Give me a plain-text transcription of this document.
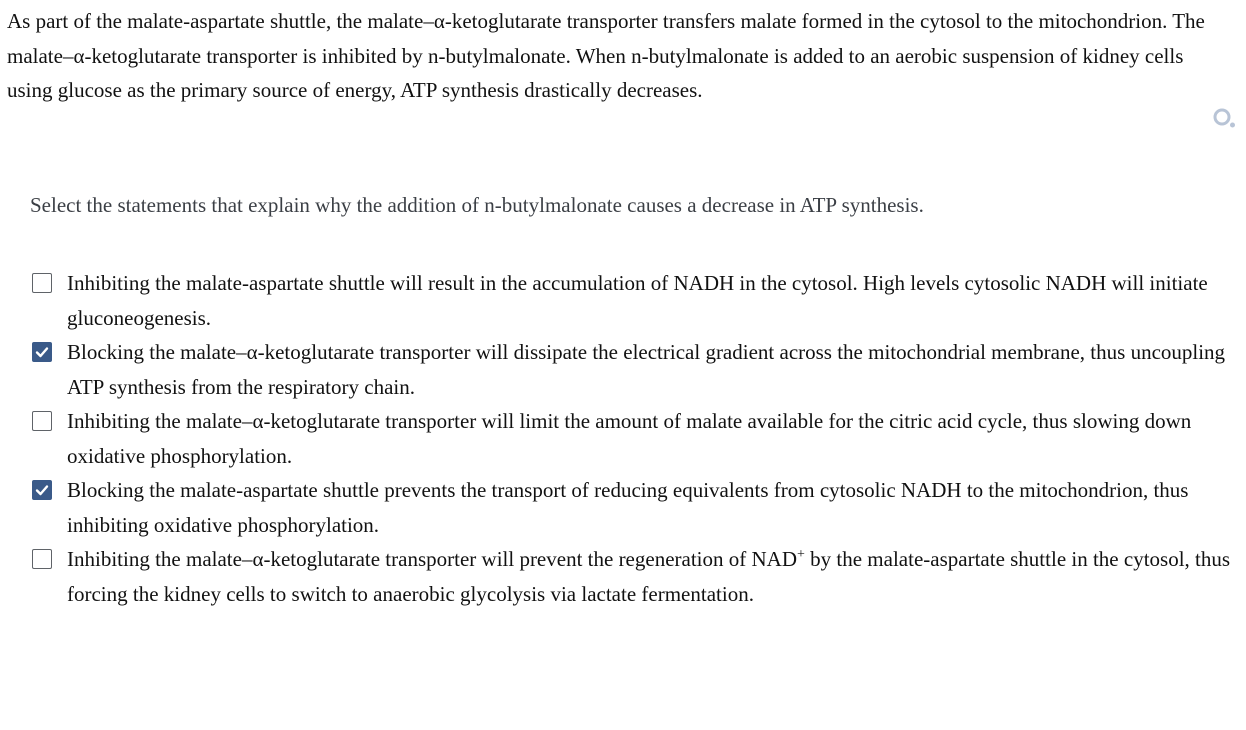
As part of the malate-aspartate shuttle, the malate–α-ketoglutarate transporter transfers malate formed in the cytosol to the mitochondrion. The malate–α-ketoglutarate transporter is inhibited by n-butylmalonate. When n-butylmalonate is added to an aerobic suspension of kidney cells using glucose as the primary source of energy, ATP synthesis drastically decreases.

Select the statements that explain why the addition of n-butylmalonate causes a decrease in ATP synthesis.

Inhibiting the malate-aspartate shuttle will result in the accumulation of NADH in the cytosol. High levels cytosolic NADH will initiate gluconeogenesis.
Blocking the malate–α-ketoglutarate transporter will dissipate the electrical gradient across the mitochondrial membrane, thus uncoupling ATP synthesis from the respiratory chain.
Inhibiting the malate–α-ketoglutarate transporter will limit the amount of malate available for the citric acid cycle, thus slowing down oxidative phosphorylation.
Blocking the malate-aspartate shuttle prevents the transport of reducing equivalents from cytosolic NADH to the mitochondrion, thus inhibiting oxidative phosphorylation.
Inhibiting the malate–α-ketoglutarate transporter will prevent the regeneration of NAD+ by the malate-aspartate shuttle in the cytosol, thus forcing the kidney cells to switch to anaerobic glycolysis via lactate fermentation.
